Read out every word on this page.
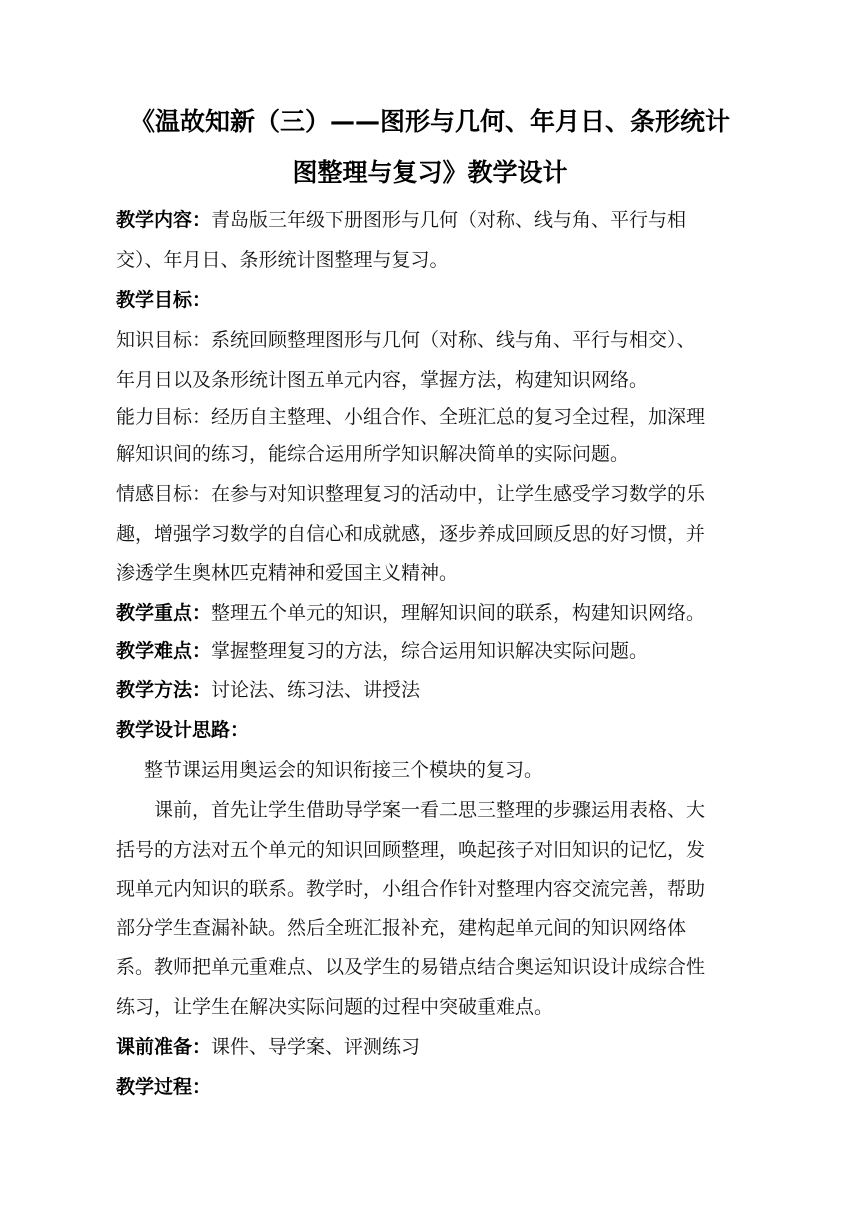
《温故知新（三）——图形与几何、年月日、条形统计
图整理与复习》教学设计
教学内容：青岛版三年级下册图形与几何（对称、线与角、平行与相
交）、年月日、条形统计图整理与复习。
教学目标：
知识目标：系统回顾整理图形与几何（对称、线与角、平行与相交）、
年月日以及条形统计图五单元内容，掌握方法，构建知识网络。
能力目标：经历自主整理、小组合作、全班汇总的复习全过程，加深理
解知识间的练习，能综合运用所学知识解决简单的实际问题。
情感目标：在参与对知识整理复习的活动中，让学生感受学习数学的乐
趣，增强学习数学的自信心和成就感，逐步养成回顾反思的好习惯，并
渗透学生奥林匹克精神和爱国主义精神。
教学重点：整理五个单元的知识，理解知识间的联系，构建知识网络。
教学难点：掌握整理复习的方法，综合运用知识解决实际问题。
教学方法：讨论法、练习法、讲授法
教学设计思路：
整节课运用奥运会的知识衔接三个模块的复习。
课前，首先让学生借助导学案一看二思三整理的步骤运用表格、大
括号的方法对五个单元的知识回顾整理，唤起孩子对旧知识的记忆，发
现单元内知识的联系。教学时，小组合作针对整理内容交流完善，帮助
部分学生查漏补缺。然后全班汇报补充，建构起单元间的知识网络体
系。教师把单元重难点、以及学生的易错点结合奥运知识设计成综合性
练习，让学生在解决实际问题的过程中突破重难点。
课前准备：课件、导学案、评测练习
教学过程：
